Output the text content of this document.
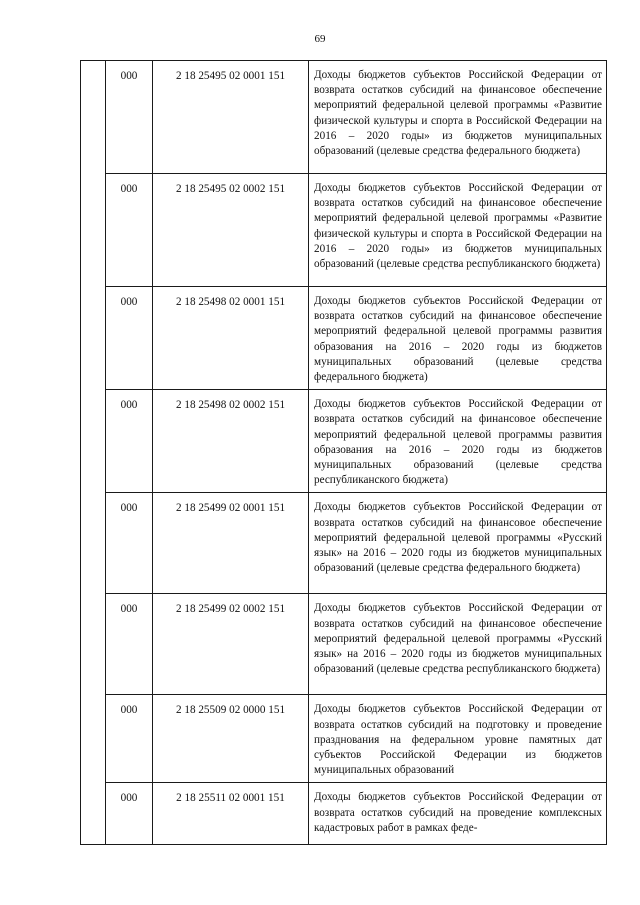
69
	000	2 18 25495 02 0001 151	Доходы бюджетов субъектов Российской Федерации от возврата остатков субсидий на финансовое обеспечение мероприятий федеральной целевой программы «Развитие физической культуры и спорта в Российской Федерации на 2016 – 2020 годы» из бюджетов муниципальных образований (целевые средства федерального бюджета)

	000	2 18 25495 02 0002 151	Доходы бюджетов субъектов Российской Федерации от возврата остатков субсидий на финансовое обеспечение мероприятий федеральной целевой программы «Развитие физической культуры и спорта в Российской Федерации на 2016 – 2020 годы» из бюджетов муниципальных образований (целевые средства республиканского бюджета)

	000	2 18 25498 02 0001 151	Доходы бюджетов субъектов Российской Федерации от возврата остатков субсидий на финансовое обеспечение мероприятий федеральной целевой программы развития образования на 2016 – 2020 годы из бюджетов муниципальных образований (целевые средства федерального бюджета)

	000	2 18 25498 02 0002 151	Доходы бюджетов субъектов Российской Федерации от возврата остатков субсидий на финансовое обеспечение мероприятий федеральной целевой программы развития образования на 2016 – 2020 годы из бюджетов муниципальных образований (целевые средства республиканского бюджета)

	000	2 18 25499 02 0001 151	Доходы бюджетов субъектов Российской Федерации от возврата остатков субсидий на финансовое обеспечение мероприятий федеральной целевой программы «Русский язык» на 2016 – 2020 годы из бюджетов муниципальных образований (целевые средства федерального бюджета)

	000	2 18 25499 02 0002 151	Доходы бюджетов субъектов Российской Федерации от возврата остатков субсидий на финансовое обеспечение мероприятий федеральной целевой программы «Русский язык» на 2016 – 2020 годы из бюджетов муниципальных образований (целевые средства республиканского бюджета)

	000	2 18 25509 02 0000 151	Доходы бюджетов субъектов Российской Федерации от возврата остатков субсидий на подготовку и проведение празднования на федеральном уровне памятных дат субъектов Российской Федерации из бюджетов муниципальных образований

	000	2 18 25511 02 0001 151	Доходы бюджетов субъектов Российской Федерации от возврата остатков субсидий на проведение комплексных кадастровых работ в рамках феде-
